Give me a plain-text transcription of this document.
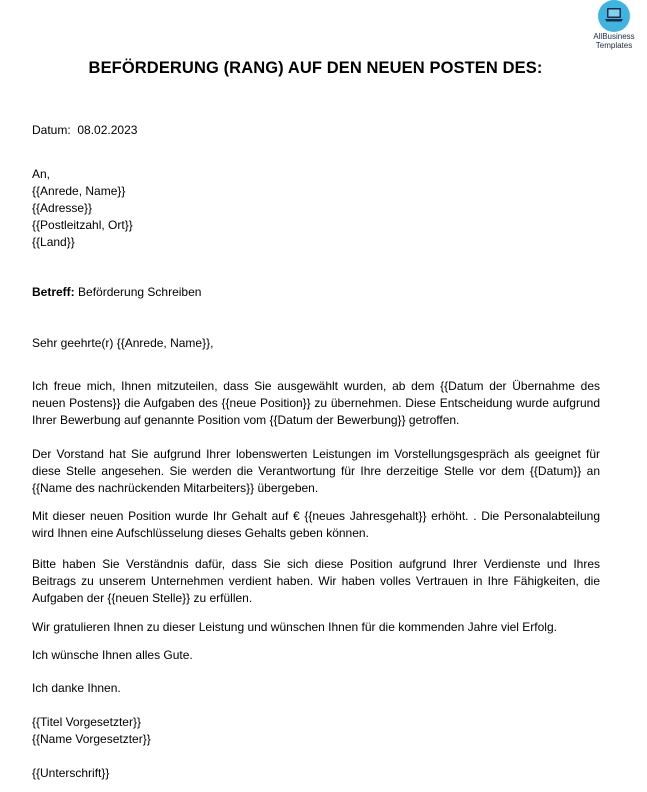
AllBusiness
Templates
BEFÖRDERUNG (RANG) AUF DEN NEUEN POSTEN DES:
Datum: 08.02.2023
An,
{{Anrede, Name}}
{{Adresse}}
{{Postleitzahl, Ort}}
{{Land}}
Betreff: Beförderung Schreiben
Sehr geehrte(r) {{Anrede, Name}},
Ich freue mich, Ihnen mitzuteilen, dass Sie ausgewählt wurden, ab dem {{Datum der Übernahme des neuen Postens}} die Aufgaben des {{neue Position}} zu übernehmen. Diese Entscheidung wurde aufgrund Ihrer Bewerbung auf genannte Position vom {{Datum der Bewerbung}} getroffen.
Der Vorstand hat Sie aufgrund Ihrer lobenswerten Leistungen im Vorstellungsgespräch als geeignet für diese Stelle angesehen. Sie werden die Verantwortung für Ihre derzeitige Stelle vor dem {{Datum}} an {{Name des nachrückenden Mitarbeiters}} übergeben.
Mit dieser neuen Position wurde Ihr Gehalt auf € {{neues Jahresgehalt}} erhöht. . Die Personalabteilung wird Ihnen eine Aufschlüsselung dieses Gehalts geben können.
Bitte haben Sie Verständnis dafür, dass Sie sich diese Position aufgrund Ihrer Verdienste und Ihres Beitrags zu unserem Unternehmen verdient haben. Wir haben volles Vertrauen in Ihre Fähigkeiten, die Aufgaben der {{neuen Stelle}} zu erfüllen.
Wir gratulieren Ihnen zu dieser Leistung und wünschen Ihnen für die kommenden Jahre viel Erfolg.
Ich wünsche Ihnen alles Gute.
Ich danke Ihnen.
{{Titel Vorgesetzter}}
{{Name Vorgesetzter}}
{{Unterschrift}}
